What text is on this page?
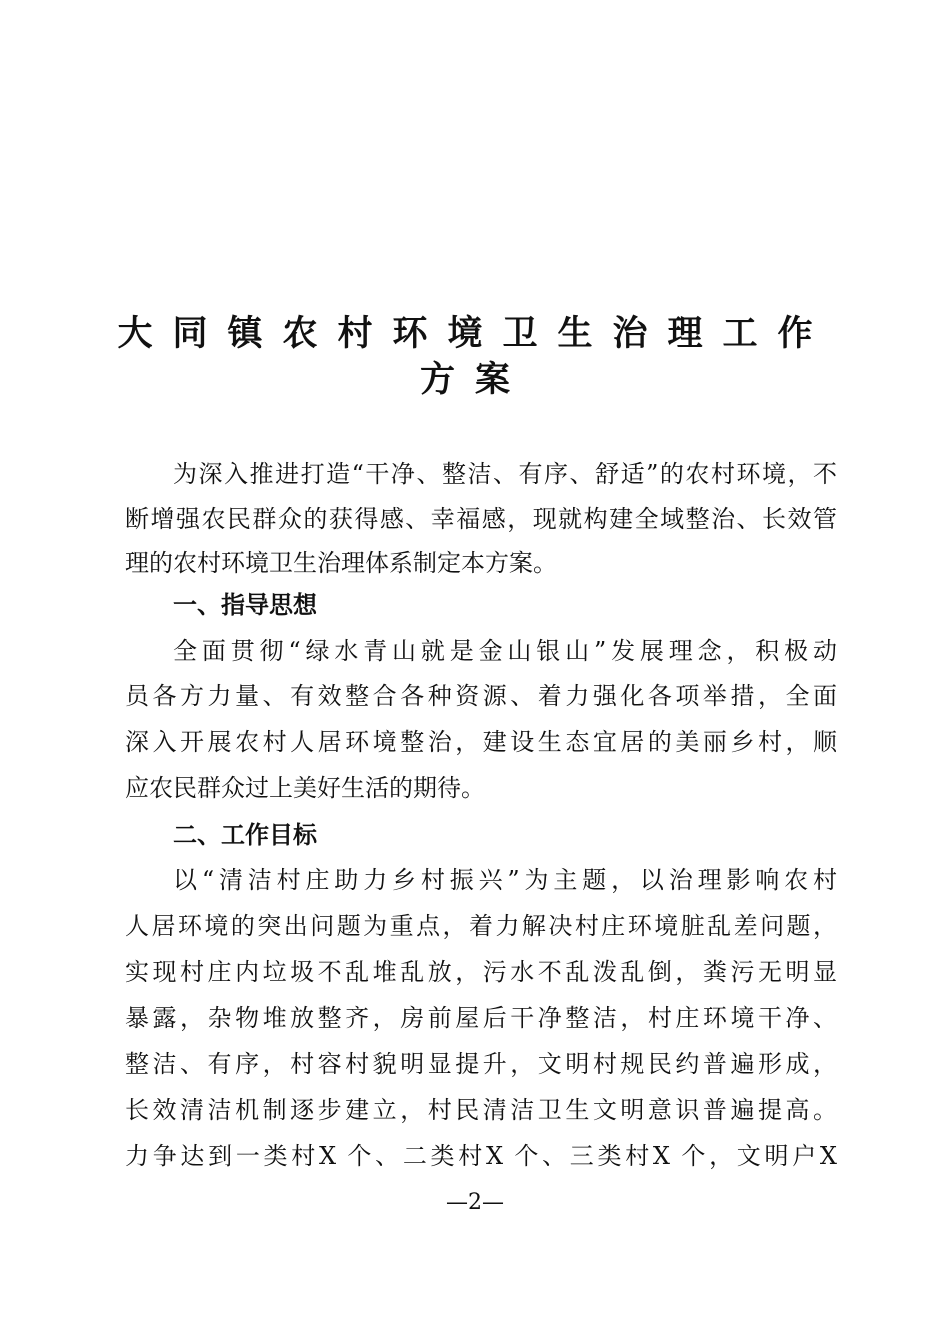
大同镇农村环境卫生治理工作
方案
为深入推进打造“干净、整洁、有序、舒适”的农村环境，不
断增强农民群众的获得感、幸福感，现就构建全域整治、长效管
理的农村环境卫生治理体系制定本方案。
一、指导思想
全面贯彻“绿水青山就是金山银山”发展理念，积极动
员各方力量、有效整合各种资源、着力强化各项举措，全面
深入开展农村人居环境整治，建设生态宜居的美丽乡村，顺
应农民群众过上美好生活的期待。
二、工作目标
以“清洁村庄助力乡村振兴”为主题，以治理影响农村
人居环境的突出问题为重点，着力解决村庄环境脏乱差问题，
实现村庄内垃圾不乱堆乱放，污水不乱泼乱倒，粪污无明显
暴露，杂物堆放整齐，房前屋后干净整洁，村庄环境干净、
整洁、有序，村容村貌明显提升，文明村规民约普遍形成，
长效清洁机制逐步建立，村民清洁卫生文明意识普遍提高。
力争达到一类村X 个、二类村X 个、三类村X 个，文明户X
—2—
